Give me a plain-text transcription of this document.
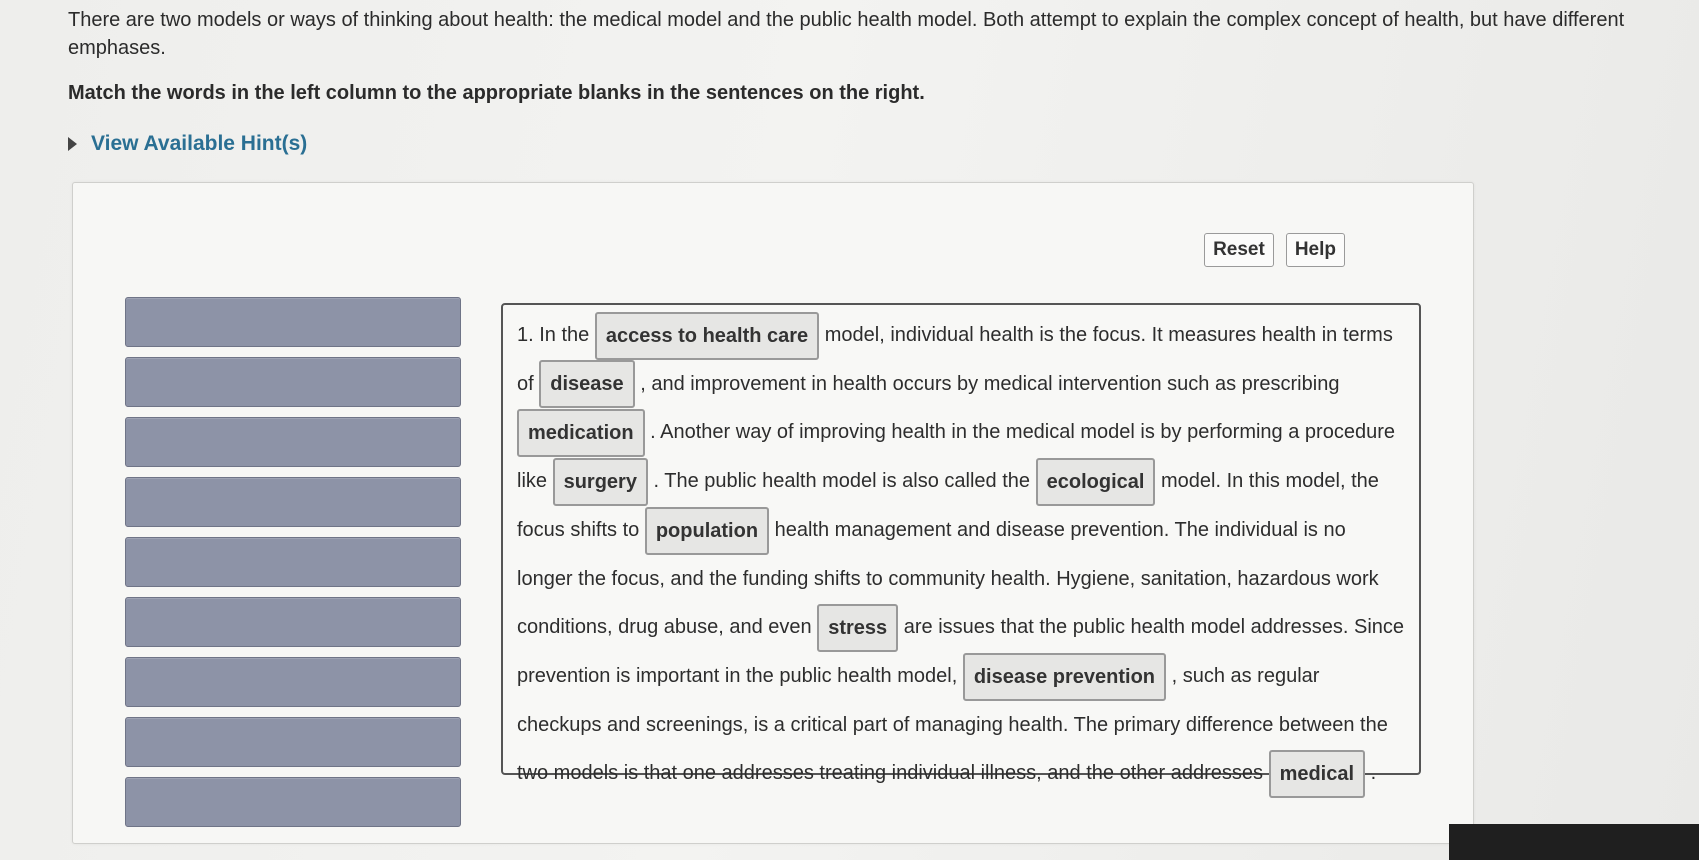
There are two models or ways of thinking about health: the medical model and the public health model. Both attempt to explain the complex concept of health, but have different emphases.
Match the words in the left column to the appropriate blanks in the sentences on the right.
View Available Hint(s)
Reset	Help
1. In the access to health care model, individual health is the focus. It measures health in terms of disease , and improvement in health occurs by medical intervention such as prescribing medication . Another way of improving health in the medical model is by performing a procedure like surgery . The public health model is also called the ecological model. In this model, the focus shifts to population health management and disease prevention. The individual is no longer the focus, and the funding shifts to community health. Hygiene, sanitation, hazardous work conditions, drug abuse, and even stress are issues that the public health model addresses. Since prevention is important in the public health model, disease prevention , such as regular checkups and screenings, is a critical part of managing health. The primary difference between the two models is that one addresses treating individual illness, and the other addresses medical .
